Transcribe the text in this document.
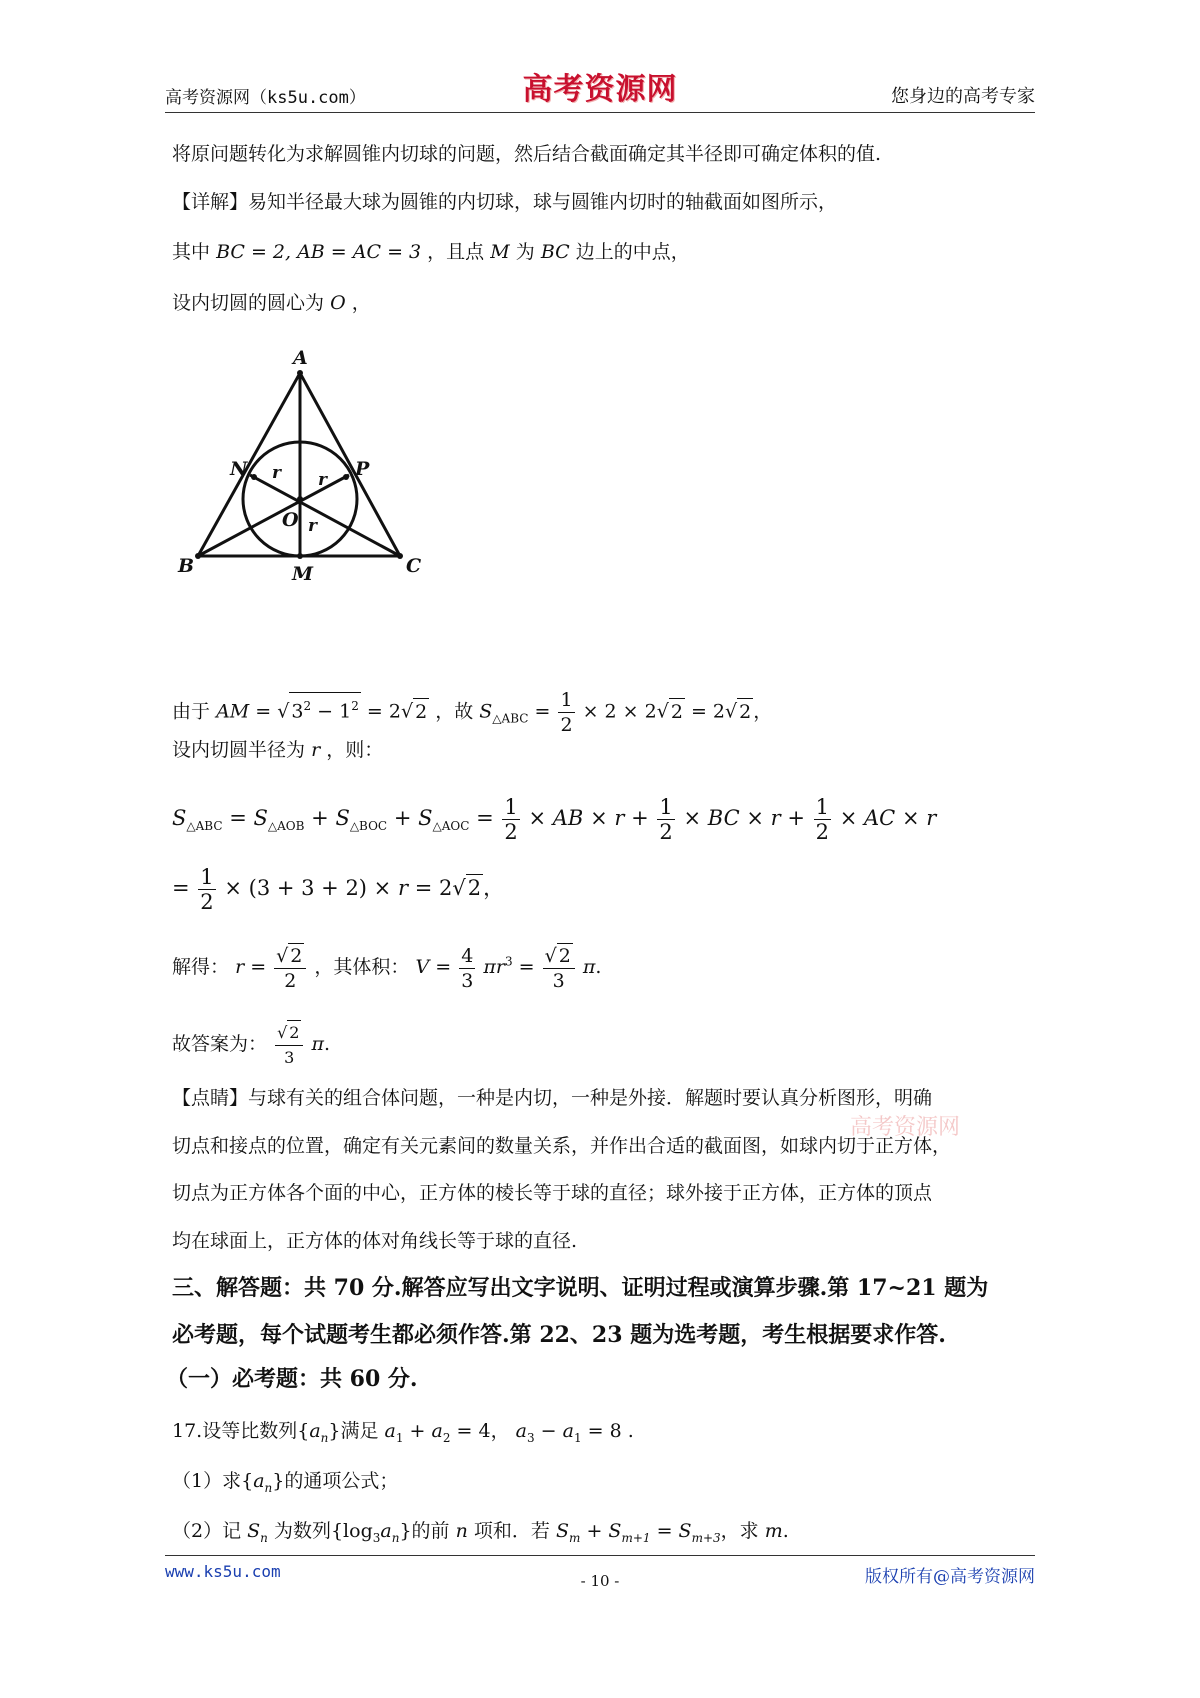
高考资源网（ks5u.com）	高考资源网	您身边的高考专家
将原问题转化为求解圆锥内切球的问题，然后结合截面确定其半径即可确定体积的值.
【详解】易知半径最大球为圆锥的内切球，球与圆锥内切时的轴截面如图所示，
其中 BC = 2, AB = AC = 3 ，且点 M 为 BC 边上的中点，
设内切圆的圆心为 O ，
A
N	P
O
B	M	C
r r
r
由于 AM = √ $3^2 - 1^2 = 2√$ 2 ，故 $S_{\triangle ABC} = \frac{1}{2} \times 2 \times 2√$ 2 = 2√ 2 ，
设内切圆半径为 r ，则：
$S_{\triangle ABC} = S_{\triangle AOB} + S_{\triangle BOC} + S_{\triangle AOC} = \frac{1}{2}$ × AB × $r + \frac{1}{2}$ × BC × $r + \frac{1}{2}$ × AC × r
= $\frac{1}{2} \times (3 + 3 + 2) \times r = 2√2$，
解得： $r = \frac{√ 2}{2}$ ，其体积： $V = \frac{4}{3} \pi r^3 = \frac{√ 2}{3} \pi$.
故答案为： $\frac{√ 2}{3} \pi$.
【点睛】与球有关的组合体问题，一种是内切，一种是外接．解题时要认真分析图形，明确
切点和接点的位置，确定有关元素间的数量关系，并作出合适的截面图，如球内切于正方体，
切点为正方体各个面的中心，正方体的棱长等于球的直径；球外接于正方体，正方体的顶点
均在球面上，正方体的体对角线长等于球的直径.
高考资源网
三、解答题：共 70 分.解答应写出文字说明、证明过程或演算步骤.第 17~21 题为
必考题，每个试题考生都必须作答.第 22、23 题为选考题，考生根据要求作答.
（一）必考题：共 60 分.
17.设等比数列$\{a_n\}$满足 $a_1 + a_2 = 4$， $a_3 - a_1 = 8$ .
（1）求$\{a_n\}$的通项公式；
（2）记 $S_n$ 为数列$\{\log_3a_n\}$的前 n 项和．若 $S_m + S_{m+1} = S_{m+3}$，求 m.
www.ks5u.com	- 10 -	版权所有@高考资源网
